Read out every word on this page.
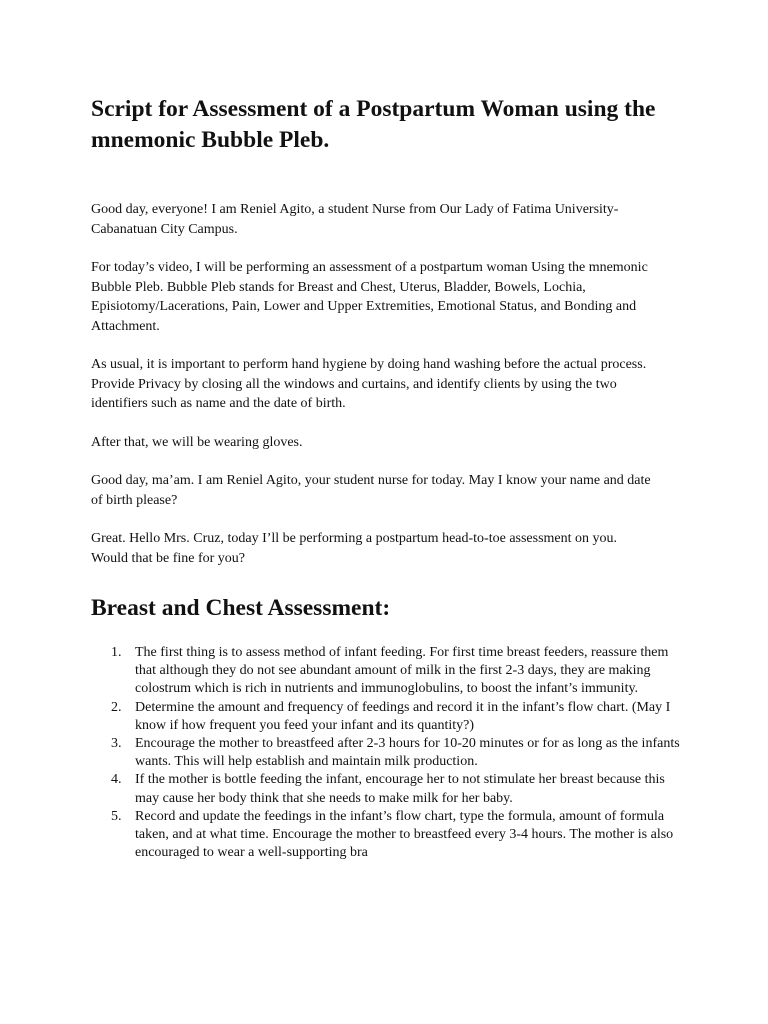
Script for Assessment of a Postpartum Woman using the mnemonic Bubble Pleb.

Good day, everyone! I am Reniel Agito, a student Nurse from Our Lady of Fatima University- Cabanatuan City Campus.

For today’s video, I will be performing an assessment of a postpartum woman Using the mnemonic Bubble Pleb. Bubble Pleb stands for Breast and Chest, Uterus, Bladder, Bowels, Lochia, Episiotomy/Lacerations, Pain, Lower and Upper Extremities, Emotional Status, and Bonding and Attachment.

As usual, it is important to perform hand hygiene by doing hand washing before the actual process. Provide Privacy by closing all the windows and curtains, and identify clients by using the two identifiers such as name and the date of birth.

After that, we will be wearing gloves.

Good day, ma’am. I am Reniel Agito, your student nurse for today. May I know your name and date of birth please?

Great. Hello Mrs. Cruz, today I’ll be performing a postpartum head-to-toe assessment on you. Would that be fine for you?

Breast and Chest Assessment:
1. The first thing is to assess method of infant feeding. For first time breast feeders, reassure them that although they do not see abundant amount of milk in the first 2-3 days, they are making colostrum which is rich in nutrients and immunoglobulins, to boost the infant’s immunity.
2. Determine the amount and frequency of feedings and record it in the infant’s flow chart. (May I know if how frequent you feed your infant and its quantity?)
3. Encourage the mother to breastfeed after 2-3 hours for 10-20 minutes or for as long as the infants wants. This will help establish and maintain milk production.
4. If the mother is bottle feeding the infant, encourage her to not stimulate her breast because this may cause her body think that she needs to make milk for her baby.
5. Record and update the feedings in the infant’s flow chart, type the formula, amount of formula taken, and at what time. Encourage the mother to breastfeed every 3-4 hours. The mother is also encouraged to wear a well-supporting bra
